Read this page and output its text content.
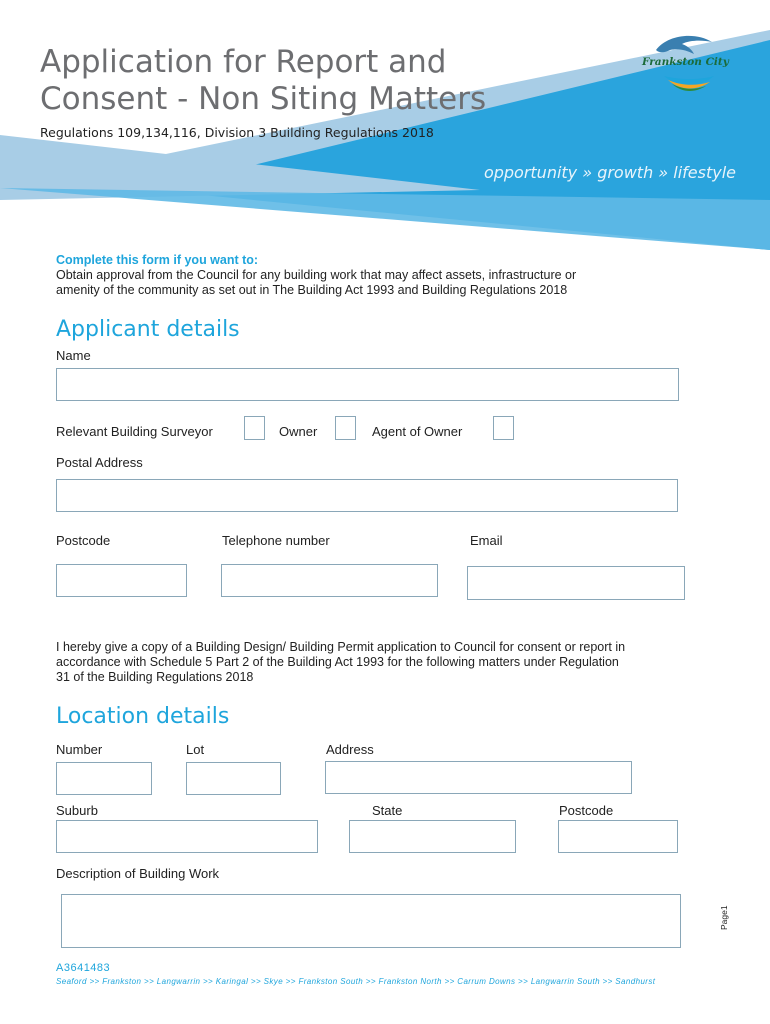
Application for Report and
Consent - Non Siting Matters
Regulations 109,134,116, Division 3 Building Regulations 2018
opportunity » growth » lifestyle
Frankston City
Complete this form if you want to:
Obtain approval from the Council for any building work that may affect assets, infrastructure or
amenity of the community as set out in The Building Act 1993 and Building Regulations 2018
Applicant details
Name
Relevant Building Surveyor	Owner	Agent of Owner
Postal Address
Postcode	Telephone number	Email
I hereby give a copy of a Building Design/ Building Permit application to Council for consent or report in
accordance with Schedule 5 Part 2 of the Building Act 1993 for the following matters under Regulation
31 of the Building Regulations 2018
Location details
Number	Lot	Address
Suburb	State	Postcode
Description of Building Work
Page1
A3641483
Seaford >> Frankston >> Langwarrin >> Karingal >> Skye >> Frankston South >> Frankston North >> Carrum Downs >> Langwarrin South >> Sandhurst
